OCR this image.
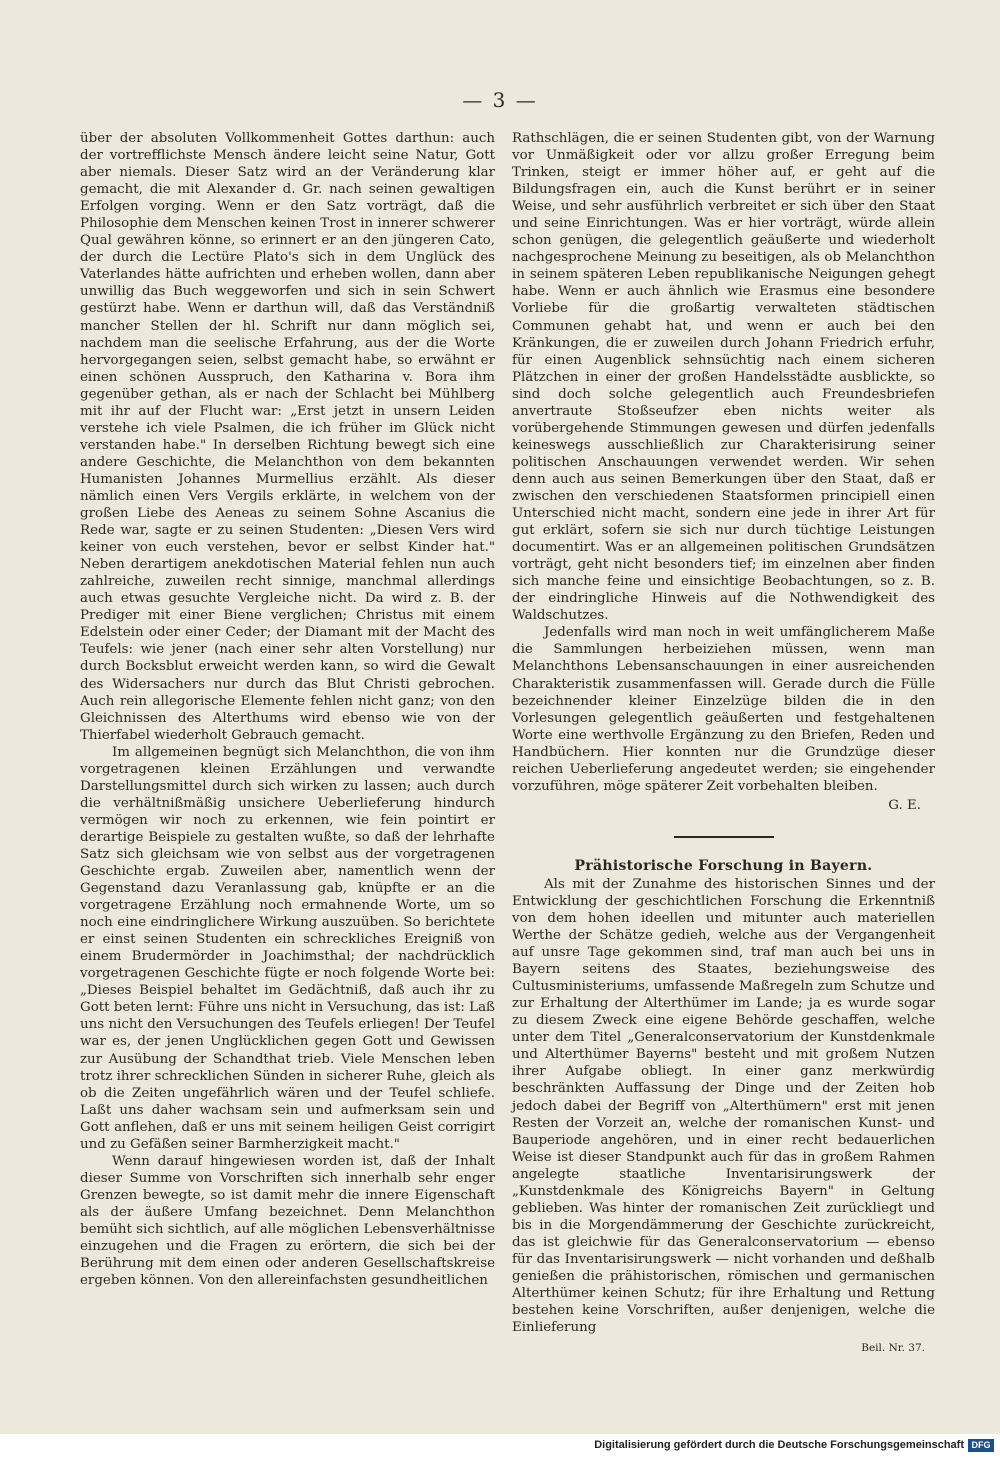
— 3 —

über der absoluten Vollkommenheit Gottes darthun: auch der vortrefflichste Mensch ändere leicht seine Natur, Gott aber niemals. Dieser Satz wird an der Veränderung klar gemacht, die mit Alexander d. Gr. nach seinen gewaltigen Erfolgen vorging. Wenn er den Satz vorträgt, daß die Philosophie dem Menschen keinen Trost in innerer schwerer Qual gewähren könne, so erinnert er an den jüngeren Cato, der durch die Lectüre Plato's sich in dem Unglück des Vaterlandes hätte aufrichten und erheben wollen, dann aber unwillig das Buch weggeworfen und sich in sein Schwert gestürzt habe. Wenn er darthun will, daß das Verständniß mancher Stellen der hl. Schrift nur dann möglich sei, nachdem man die seelische Erfahrung, aus der die Worte hervorgegangen seien, selbst gemacht habe, so erwähnt er einen schönen Ausspruch, den Katharina v. Bora ihm gegenüber gethan, als er nach der Schlacht bei Mühlberg mit ihr auf der Flucht war: „Erst jetzt in unsern Leiden verstehe ich viele Psalmen, die ich früher im Glück nicht verstanden habe." In derselben Richtung bewegt sich eine andere Geschichte, die Melanchthon von dem bekannten Humanisten Johannes Murmellius erzählt. Als dieser nämlich einen Vers Vergils erklärte, in welchem von der großen Liebe des Aeneas zu seinem Sohne Ascanius die Rede war, sagte er zu seinen Studenten: „Diesen Vers wird keiner von euch verstehen, bevor er selbst Kinder hat." Neben derartigem anekdotischen Material fehlen nun auch zahlreiche, zuweilen recht sinnige, manchmal allerdings auch etwas gesuchte Vergleiche nicht. Da wird z. B. der Prediger mit einer Biene verglichen; Christus mit einem Edelstein oder einer Ceder; der Diamant mit der Macht des Teufels: wie jener (nach einer sehr alten Vorstellung) nur durch Bocksblut erweicht werden kann, so wird die Gewalt des Widersachers nur durch das Blut Christi gebrochen. Auch rein allegorische Elemente fehlen nicht ganz; von den Gleichnissen des Alterthums wird ebenso wie von der Thierfabel wiederholt Gebrauch gemacht.

Im allgemeinen begnügt sich Melanchthon, die von ihm vorgetragenen kleinen Erzählungen und verwandte Darstellungsmittel durch sich wirken zu lassen; auch durch die verhältnißmäßig unsichere Ueberlieferung hindurch vermögen wir noch zu erkennen, wie fein pointirt er derartige Beispiele zu gestalten wußte, so daß der lehrhafte Satz sich gleichsam wie von selbst aus der vorgetragenen Geschichte ergab. Zuweilen aber, namentlich wenn der Gegenstand dazu Veranlassung gab, knüpfte er an die vorgetragene Erzählung noch ermahnende Worte, um so noch eine eindringlichere Wirkung auszuüben. So berichtete er einst seinen Studenten ein schreckliches Ereigniß von einem Brudermörder in Joachimsthal; der nachdrücklich vorgetragenen Geschichte fügte er noch folgende Worte bei: „Dieses Beispiel behaltet im Gedächtniß, daß auch ihr zu Gott beten lernt: Führe uns nicht in Versuchung, das ist: Laß uns nicht den Versuchungen des Teufels erliegen! Der Teufel war es, der jenen Unglücklichen gegen Gott und Gewissen zur Ausübung der Schandthat trieb. Viele Menschen leben trotz ihrer schrecklichen Sünden in sicherer Ruhe, gleich als ob die Zeiten ungefährlich wären und der Teufel schliefe. Laßt uns daher wachsam sein und aufmerksam sein und Gott anflehen, daß er uns mit seinem heiligen Geist corrigirt und zu Gefäßen seiner Barmherzigkeit macht."

Wenn darauf hingewiesen worden ist, daß der Inhalt dieser Summe von Vorschriften sich innerhalb sehr enger Grenzen bewegte, so ist damit mehr die innere Eigenschaft als der äußere Umfang bezeichnet. Denn Melanchthon bemüht sich sichtlich, auf alle möglichen Lebensverhältnisse einzugehen und die Fragen zu erörtern, die sich bei der Berührung mit dem einen oder anderen Gesellschaftskreise ergeben können. Von den allereinfachsten gesundheitlichen

Rathschlägen, die er seinen Studenten gibt, von der Warnung vor Unmäßigkeit oder vor allzu großer Erregung beim Trinken, steigt er immer höher auf, er geht auf die Bildungsfragen ein, auch die Kunst berührt er in seiner Weise, und sehr ausführlich verbreitet er sich über den Staat und seine Einrichtungen. Was er hier vorträgt, würde allein schon genügen, die gelegentlich geäußerte und wiederholt nachgesprochene Meinung zu beseitigen, als ob Melanchthon in seinem späteren Leben republikanische Neigungen gehegt habe. Wenn er auch ähnlich wie Erasmus eine besondere Vorliebe für die großartig verwalteten städtischen Communen gehabt hat, und wenn er auch bei den Kränkungen, die er zuweilen durch Johann Friedrich erfuhr, für einen Augenblick sehnsüchtig nach einem sicheren Plätzchen in einer der großen Handelsstädte ausblickte, so sind doch solche gelegentlich auch Freundesbriefen anvertraute Stoßseufzer eben nichts weiter als vorübergehende Stimmungen gewesen und dürfen jedenfalls keineswegs ausschließlich zur Charakterisirung seiner politischen Anschauungen verwendet werden. Wir sehen denn auch aus seinen Bemerkungen über den Staat, daß er zwischen den verschiedenen Staatsformen principiell einen Unterschied nicht macht, sondern eine jede in ihrer Art für gut erklärt, sofern sie sich nur durch tüchtige Leistungen documentirt. Was er an allgemeinen politischen Grundsätzen vorträgt, geht nicht besonders tief; im einzelnen aber finden sich manche feine und einsichtige Beobachtungen, so z. B. der eindringliche Hinweis auf die Nothwendigkeit des Waldschutzes.

Jedenfalls wird man noch in weit umfänglicherem Maße die Sammlungen herbeiziehen müssen, wenn man Melanchthons Lebensanschauungen in einer ausreichenden Charakteristik zusammenfassen will. Gerade durch die Fülle bezeichnender kleiner Einzelzüge bilden die in den Vorlesungen gelegentlich geäußerten und festgehaltenen Worte eine werthvolle Ergänzung zu den Briefen, Reden und Handbüchern. Hier konnten nur die Grundzüge dieser reichen Ueberlieferung angedeutet werden; sie eingehender vorzuführen, möge späterer Zeit vorbehalten bleiben.

G. E.
Prähistorische Forschung in Bayern.

Als mit der Zunahme des historischen Sinnes und der Entwicklung der geschichtlichen Forschung die Erkenntniß von dem hohen ideellen und mitunter auch materiellen Werthe der Schätze gedieh, welche aus der Vergangenheit auf unsre Tage gekommen sind, traf man auch bei uns in Bayern seitens des Staates, beziehungsweise des Cultusministeriums, umfassende Maßregeln zum Schutze und zur Erhaltung der Alterthümer im Lande; ja es wurde sogar zu diesem Zweck eine eigene Behörde geschaffen, welche unter dem Titel „Generalconservatorium der Kunstdenkmale und Alterthümer Bayerns" besteht und mit großem Nutzen ihrer Aufgabe obliegt. In einer ganz merkwürdig beschränkten Auffassung der Dinge und der Zeiten hob jedoch dabei der Begriff von „Alterthümern" erst mit jenen Resten der Vorzeit an, welche der romanischen Kunst- und Bauperiode angehören, und in einer recht bedauerlichen Weise ist dieser Standpunkt auch für das in großem Rahmen angelegte staatliche Inventarisirungswerk der „Kunstdenkmale des Königreichs Bayern" in Geltung geblieben. Was hinter der romanischen Zeit zurückliegt und bis in die Morgendämmerung der Geschichte zurückreicht, das ist gleichwie für das Generalconservatorium — ebenso für das Inventarisirungswerk — nicht vorhanden und deßhalb genießen die prähistorischen, römischen und germanischen Alterthümer keinen Schutz; für ihre Erhaltung und Rettung bestehen keine Vorschriften, außer denjenigen, welche die Einlieferung

Beil. Nr. 37.
Digitalisierung gefördert durch die Deutsche Forschungsgemeinschaft DFG
